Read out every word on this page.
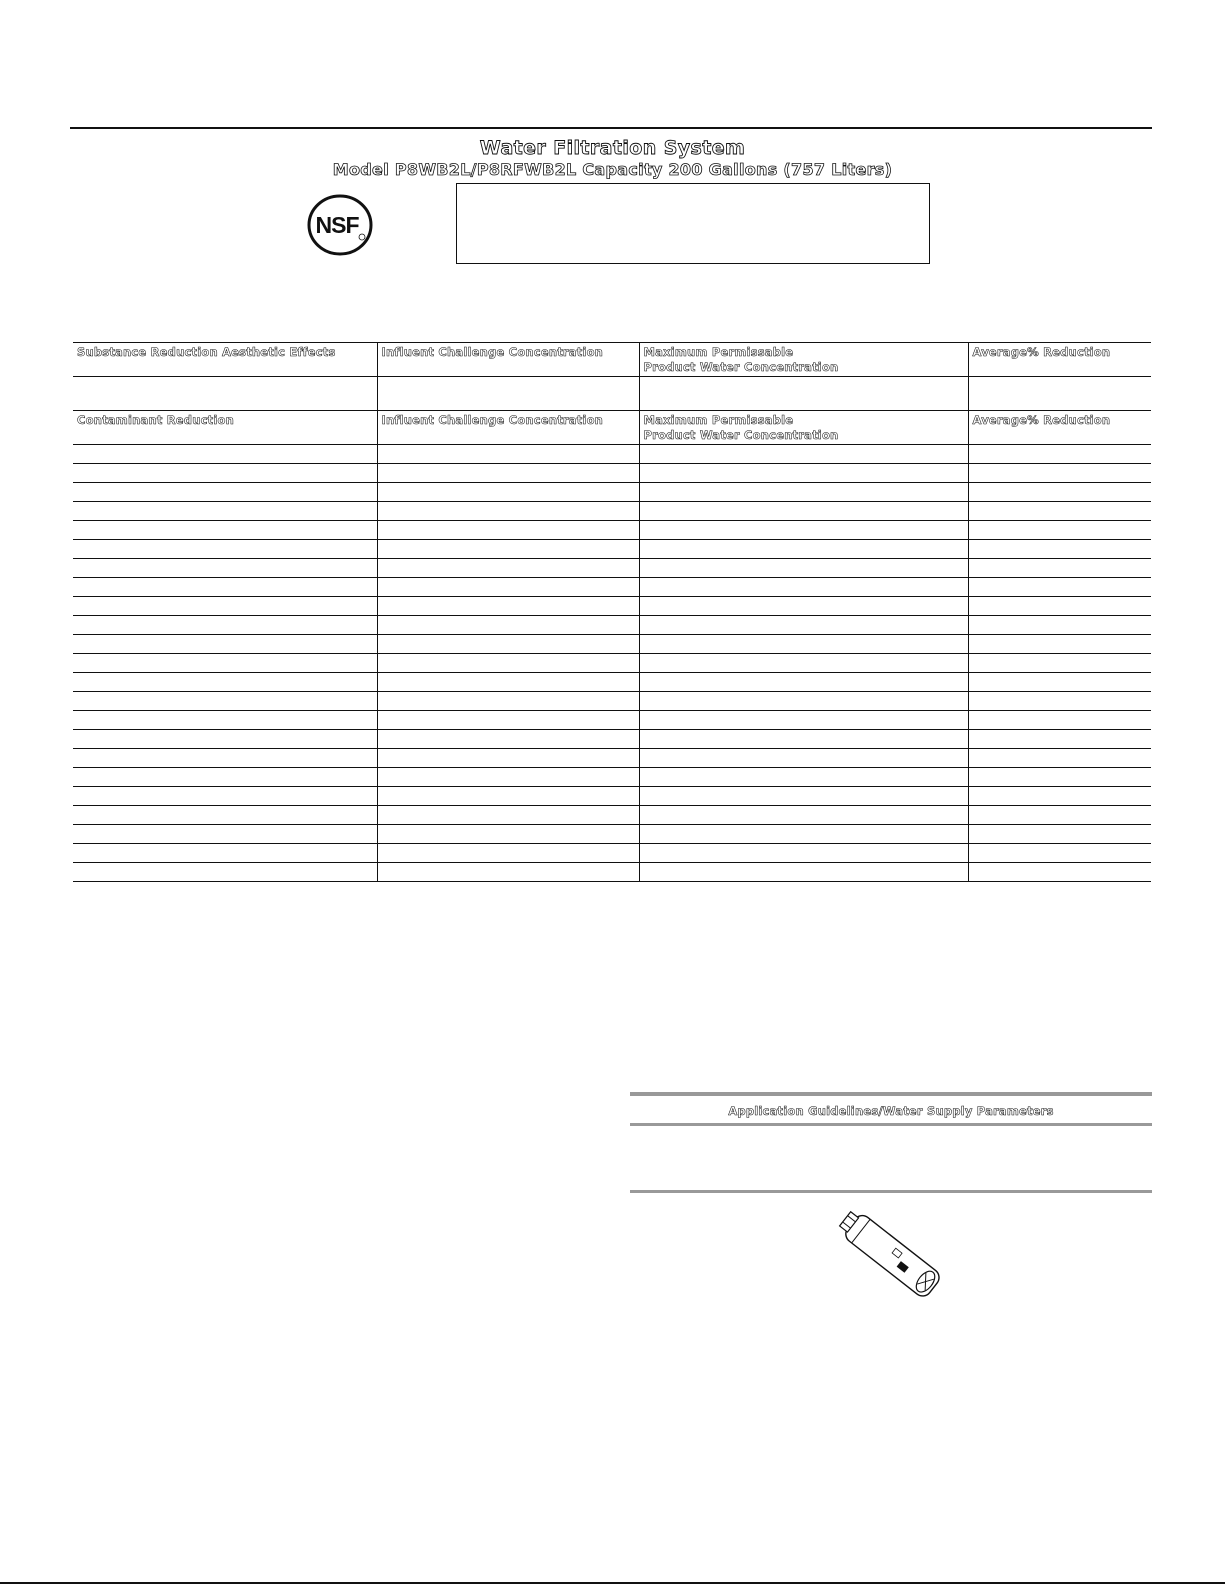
Water Filtration System
Model P8WB2L/P8RFWB2L Capacity 200 Gallons (757 Liters)
NSF
Substance Reduction Aesthetic Effects	Influent Challenge Concentration	Maximum Permissable
Product Water Concentration	Average% Reduction

Contaminant Reduction	Influent Challenge Concentration	Maximum Permissable
Product Water Concentration	Average% Reduction

Application Guidelines/Water Supply Parameters
